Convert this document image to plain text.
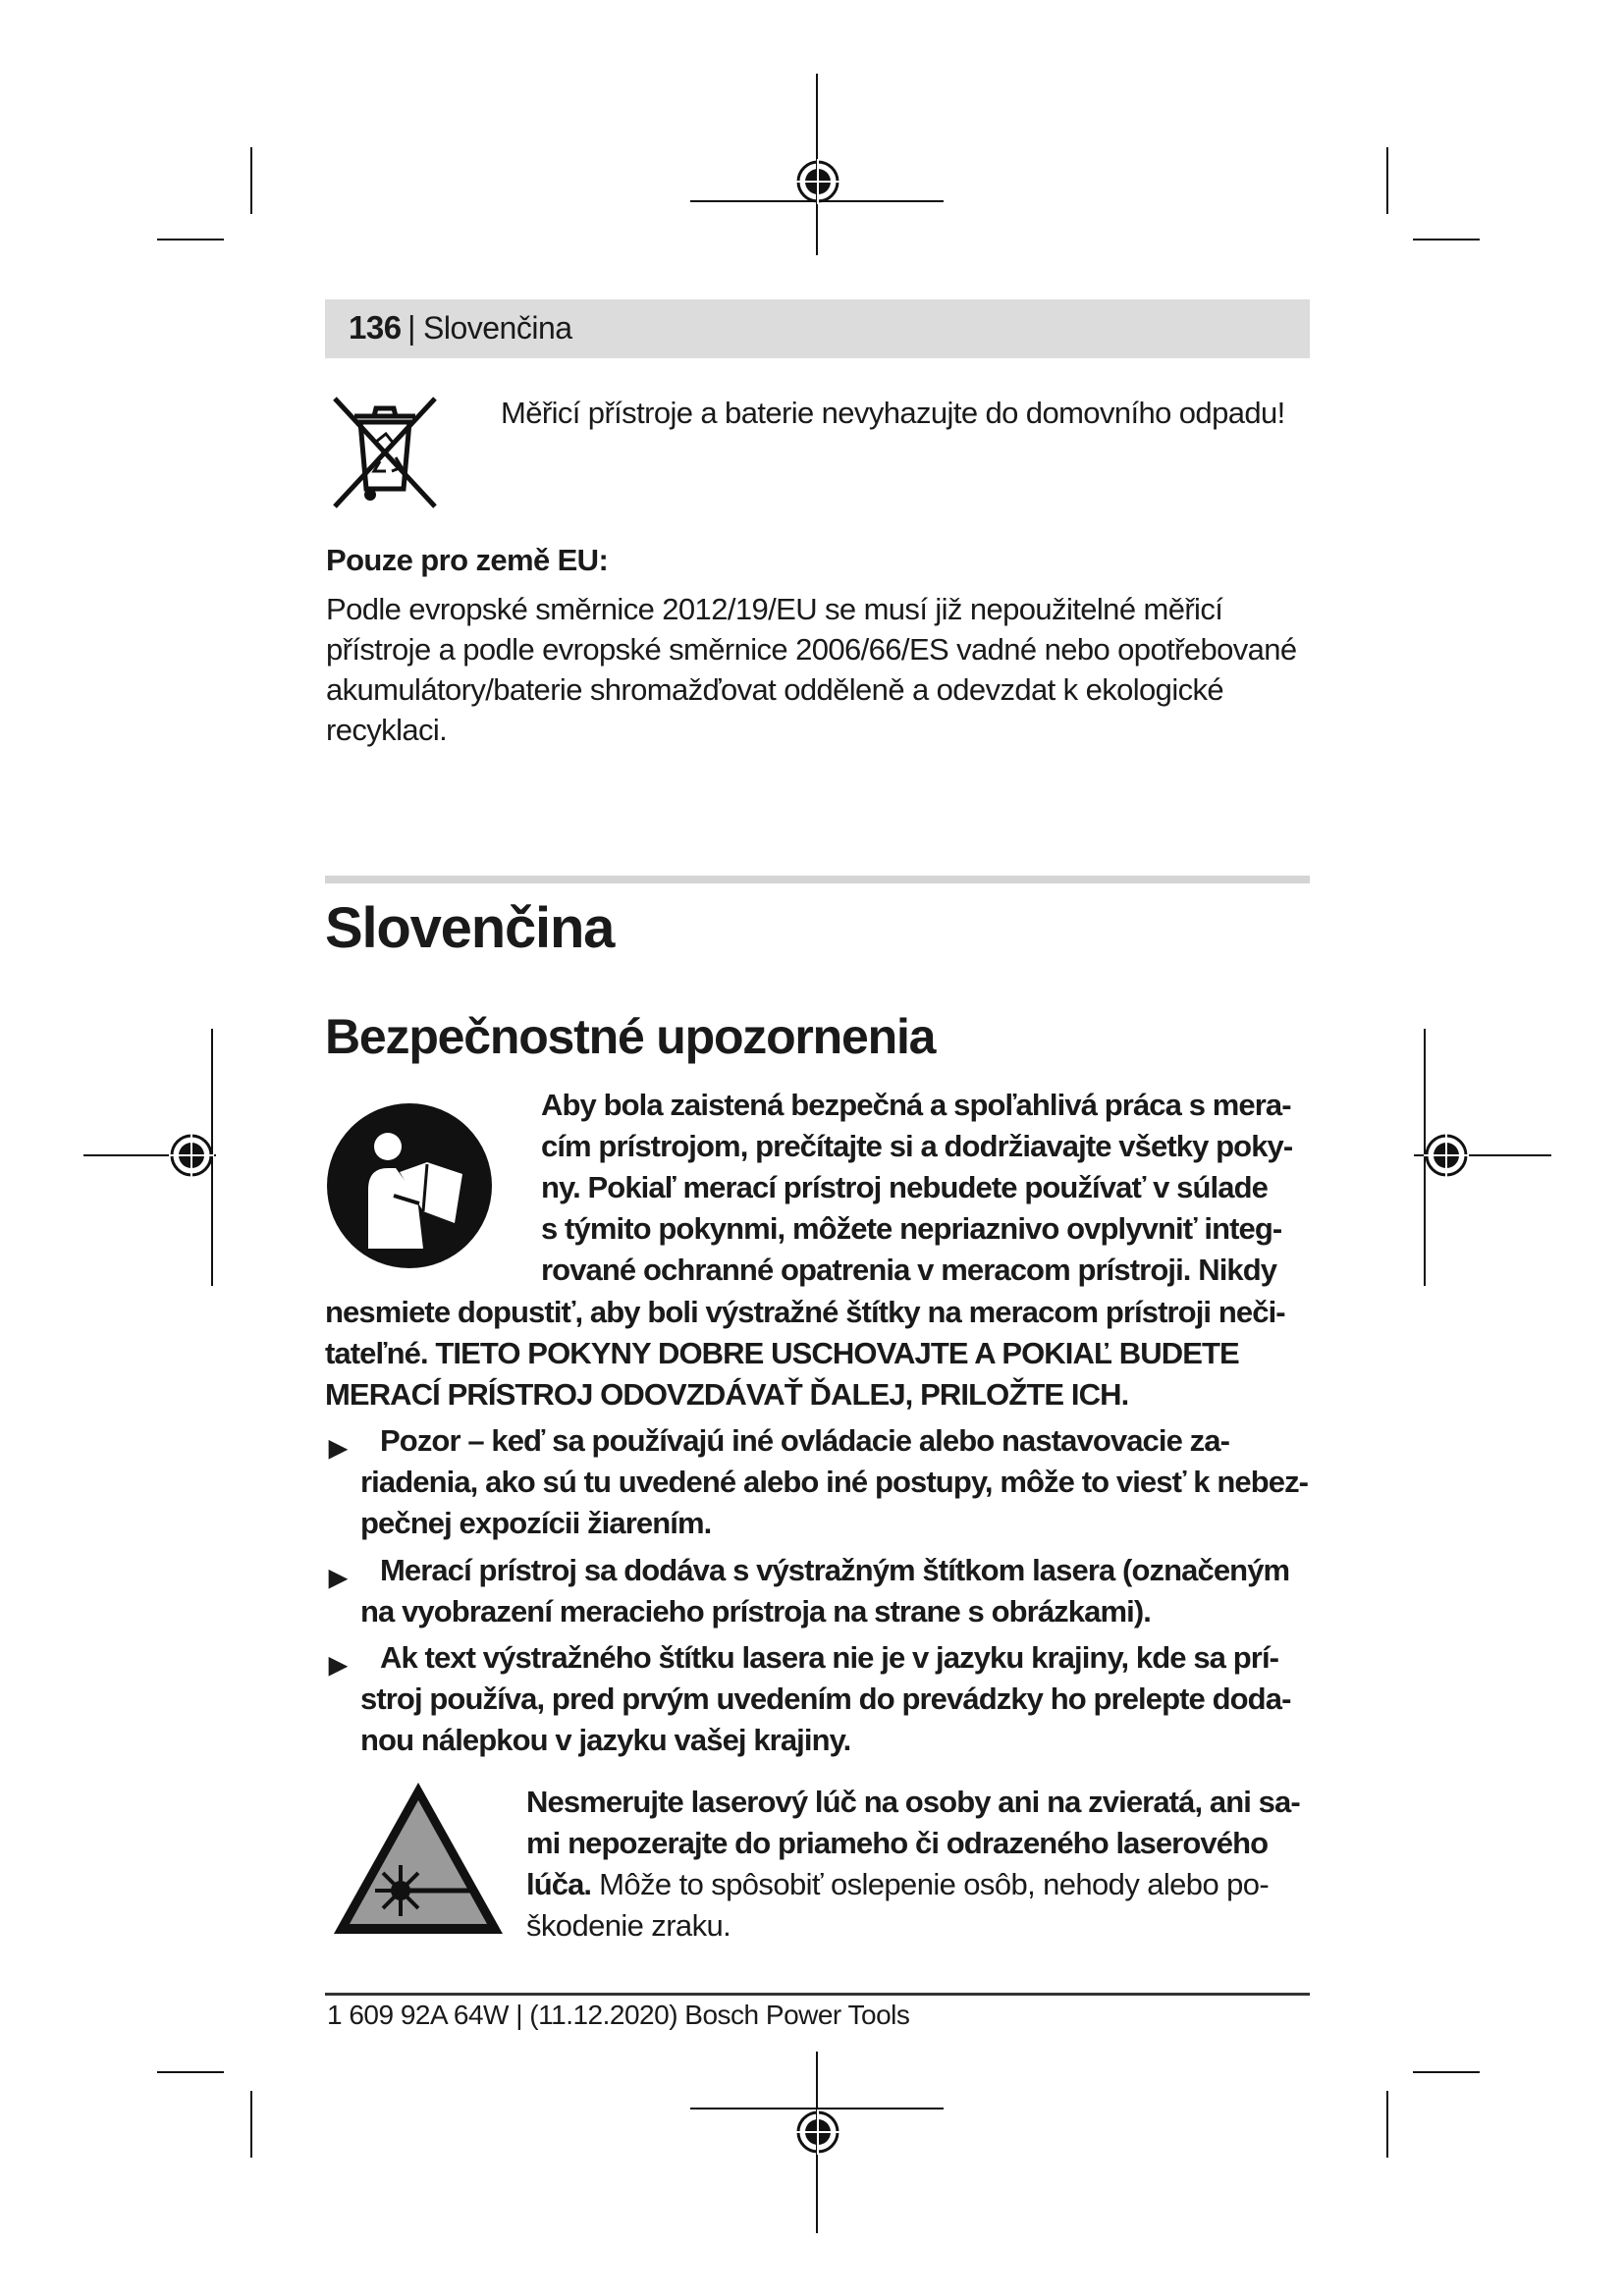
136 | Slovenčina
Měřicí přístroje a baterie nevyhazujte do domovního odpadu!
Pouze pro země EU:
Podle evropské směrnice 2012/19/EU se musí již nepoužitelné měřicí
přístroje a podle evropské směrnice 2006/66/ES vadné nebo opotřebované
akumulátory/baterie shromažďovat odděleně a odevzdat k ekologické
recyklaci.
Slovenčina
Bezpečnostné upozornenia
Aby bola zaistená bezpečná a spoľahlivá práca s mera-
cím prístrojom, prečítajte si a dodržiavajte všetky poky-
ny. Pokiaľ merací prístroj nebudete používať v súlade
s týmito pokynmi, môžete nepriaznivo ovplyvniť integ-
rované ochranné opatrenia v meracom prístroji. Nikdy
nesmiete dopustiť, aby boli výstražné štítky na meracom prístroji neči-
tateľné. TIETO POKYNY DOBRE USCHOVAJTE A POKIAĽ BUDETE
MERACÍ PRÍSTROJ ODOVZDÁVAŤ ĎALEJ, PRILOŽTE ICH.
▶	Pozor – keď sa používajú iné ovládacie alebo nastavovacie za-
riadenia, ako sú tu uvedené alebo iné postupy, môže to viesť k nebez-
pečnej expozícii žiarením.
▶	Merací prístroj sa dodáva s výstražným štítkom lasera (označeným
na vyobrazení meracieho prístroja na strane s obrázkami).
▶	Ak text výstražného štítku lasera nie je v jazyku krajiny, kde sa prí-
stroj používa, pred prvým uvedením do prevádzky ho prelepte doda-
nou nálepkou v jazyku vašej krajiny.
Nesmerujte laserový lúč na osoby ani na zvieratá, ani sa-
mi nepozerajte do priameho či odrazeného laserového
lúča. Môže to spôsobiť oslepenie osôb, nehody alebo po-
škodenie zraku.
1 609 92A 64W | (11.12.2020) Bosch Power Tools
